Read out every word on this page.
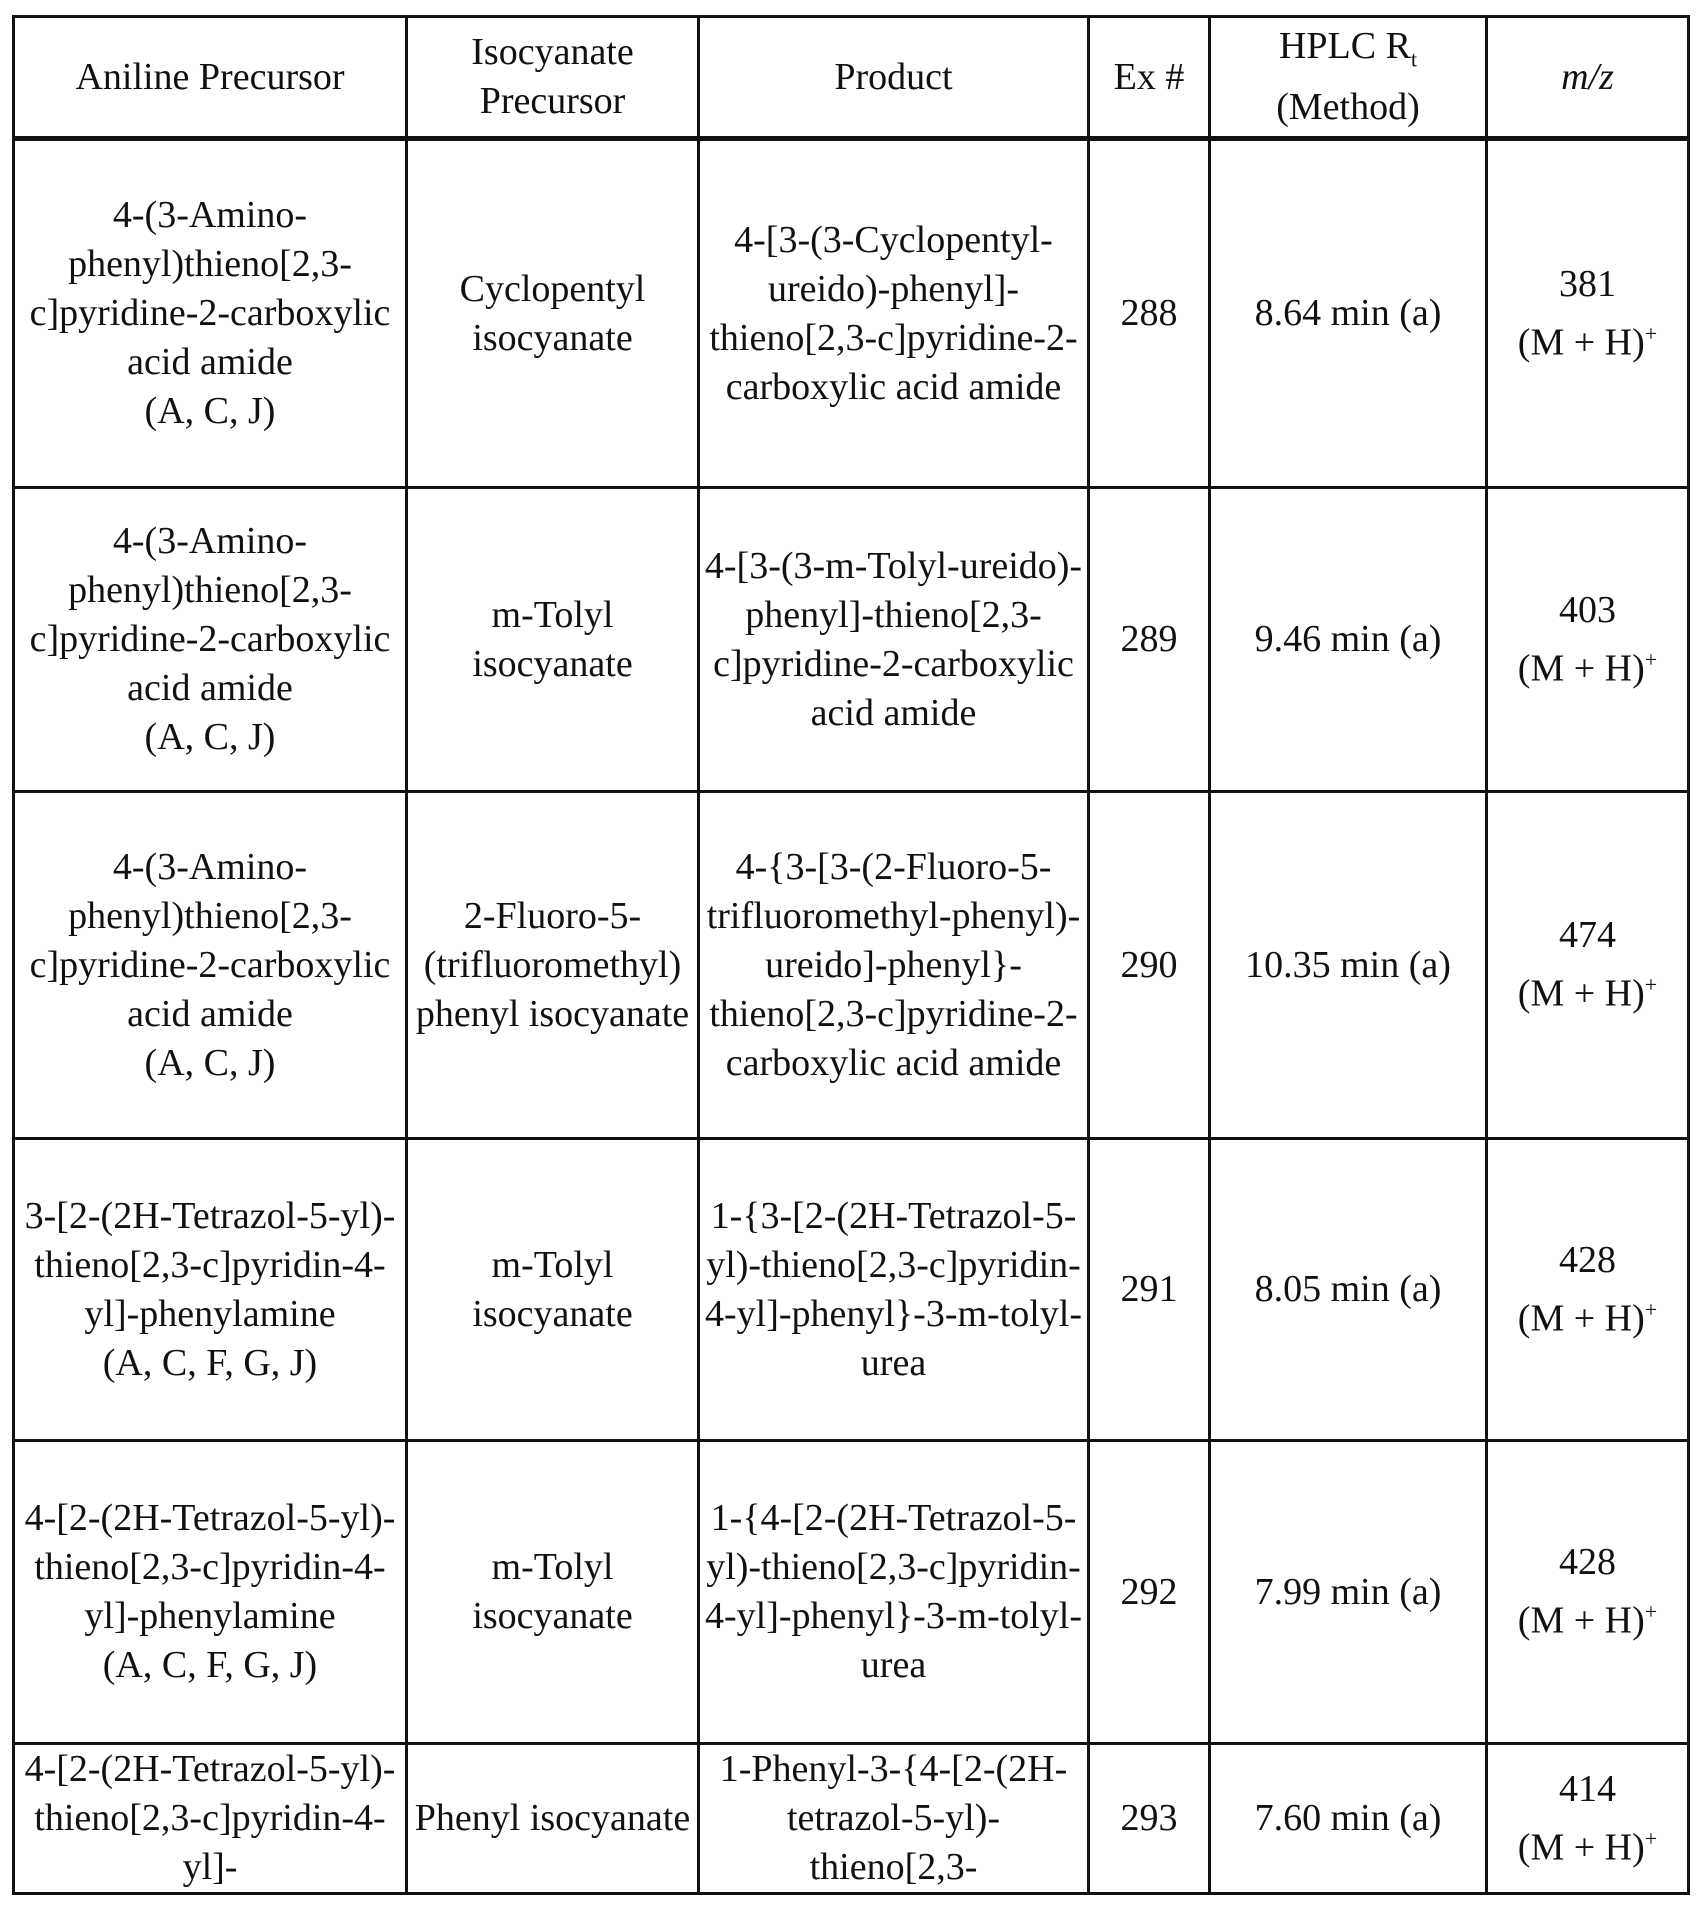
Aniline Precursor	Isocyanate Precursor	Product	Ex #	HPLC Rt
(Method)	m/z
4-(3-Amino-phenyl)thieno[2,3-c]pyridine-2-carboxylic acid amide
(A, C, J)	Cyclopentyl isocyanate	4-[3-(3-Cyclopentyl-ureido)-phenyl]-thieno[2,3-c]pyridine-2-carboxylic acid amide	288	8.64 min (a)	381
(M + H)+
4-(3-Amino-phenyl)thieno[2,3-c]pyridine-2-carboxylic acid amide
(A, C, J)	m-Tolyl isocyanate	4-[3-(3-m-Tolyl-ureido)-phenyl]-thieno[2,3-c]pyridine-2-carboxylic acid amide	289	9.46 min (a)	403
(M + H)+
4-(3-Amino-phenyl)thieno[2,3-c]pyridine-2-carboxylic acid amide
(A, C, J)	2-Fluoro-5-(trifluoromethyl) phenyl isocyanate	4-{3-[3-(2-Fluoro-5-trifluoromethyl-phenyl)-ureido]-phenyl}-thieno[2,3-c]pyridine-2-carboxylic acid amide	290	10.35 min (a)	474
(M + H)+
3-[2-(2H-Tetrazol-5-yl)-thieno[2,3-c]pyridin-4-yl]-phenylamine
(A, C, F, G, J)	m-Tolyl isocyanate	1-{3-[2-(2H-Tetrazol-5-yl)-thieno[2,3-c]pyridin-4-yl]-phenyl}-3-m-tolyl-urea	291	8.05 min (a)	428
(M + H)+
4-[2-(2H-Tetrazol-5-yl)-thieno[2,3-c]pyridin-4-yl]-phenylamine
(A, C, F, G, J)	m-Tolyl isocyanate	1-{4-[2-(2H-Tetrazol-5-yl)-thieno[2,3-c]pyridin-4-yl]-phenyl}-3-m-tolyl-urea	292	7.99 min (a)	428
(M + H)+
4-[2-(2H-Tetrazol-5-yl)-thieno[2,3-c]pyridin-4-yl]-
	Phenyl isocyanate	1-Phenyl-3-{4-[2-(2H-tetrazol-5-yl)-thieno[2,3-	293	7.60 min (a)	414
(M + H)+
